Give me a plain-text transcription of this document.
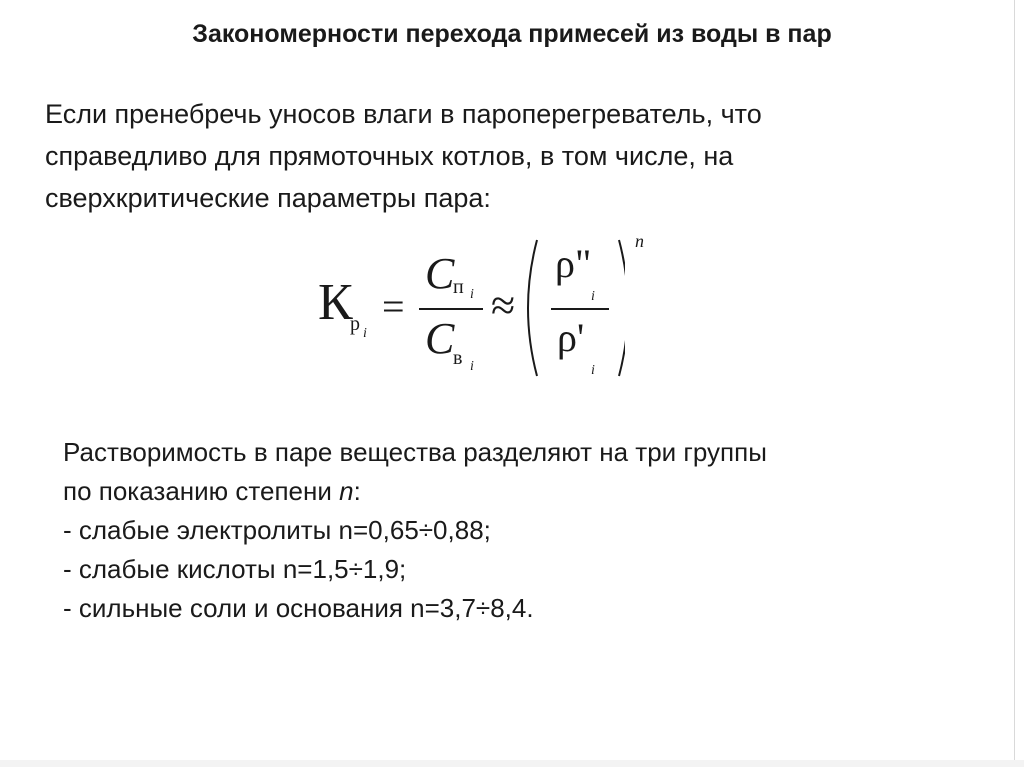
Закономерности перехода примесей из воды в пар
Если пренебречь уносов влаги в пароперегреватель, что
справедливо для прямоточных котлов, в том числе, на
сверхкритические параметры пара:
К
р i
=
C
п i
C
в i
≈
ρ"
i
ρ'
i
n
Растворимость в паре вещества разделяют на три группы
по показанию степени n:
- слабые электролиты n=0,65÷0,88;
- слабые кислоты n=1,5÷1,9;
- сильные соли и основания n=3,7÷8,4.
